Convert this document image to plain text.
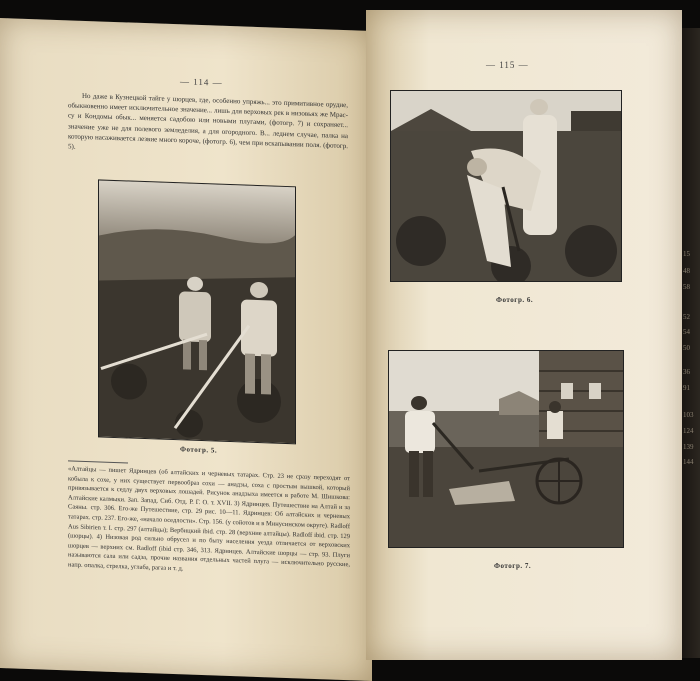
— 114 —
Но даже в Кузнецкой тайге у шорцев, где, особенно упряжь... это примитивное орудие, обыкновенно имеет исключительное значение... лишь для верховых рек в низовьях же Мрас-су и Кондомы обык... меняется садобою или новыми плугами, (фотогр. 7) и сохраняет... значение уже не для полевого земледелия, а для огородного. В... леднем случае, палка на которую насаживается лезвие много короче, (фотогр. 6), чем при вскапывании поля. (фотогр. 5).
Фотогр. 5.
«Алтайцы — пишет Ядринцев (об алтайских и черневых татарах. Стр. 23 не сразу переходят от кобыла к сохе, у них существует первообраз сохи — анадзы, соха с простым вышкой, который привязывается к седлу двух верховых лошадей. Рисунок анадзыха имеется в работе М. Шишкова: Алтайские калмыки. Зап. Запад. Сиб. Отд. Р. Г. О. т. XVII. 3) Ядринцев. Путешествие на Алтай и за Саяны. стр. 306. Его-же Путешествие, стр. 29 рис. 10—11. Ядринцев: Об алтайских и черневых татарах. стр. 237. Его-же, «начало оседлости». Стр. 156. (у сойотов и в Минусинском округе). Radloff Aus Sibirien т. I. стр. 297 (алтайцы); Вербицкий ibid. стр. 28 (верхние алтайцы). Radloff ibid. стр. 129 (шорцы). 4) Низовая род сильно обрусел и по быту населения уезда отличается от верховских шорцев — верхних см. Radloff (ibid стр. 346, 313. Ядринцев. Алтайские шорцы — стр. 93. Плуги называются сала или садза, прочие названия отдельных частей плуга — исключительно русские, напр. опалка, стрелка, углаба, рагаз и т. д.
— 115 —
Фотогр. 6.
Фотогр. 7.
15
48
58
52
54
50
36
91
103
124
139
144
